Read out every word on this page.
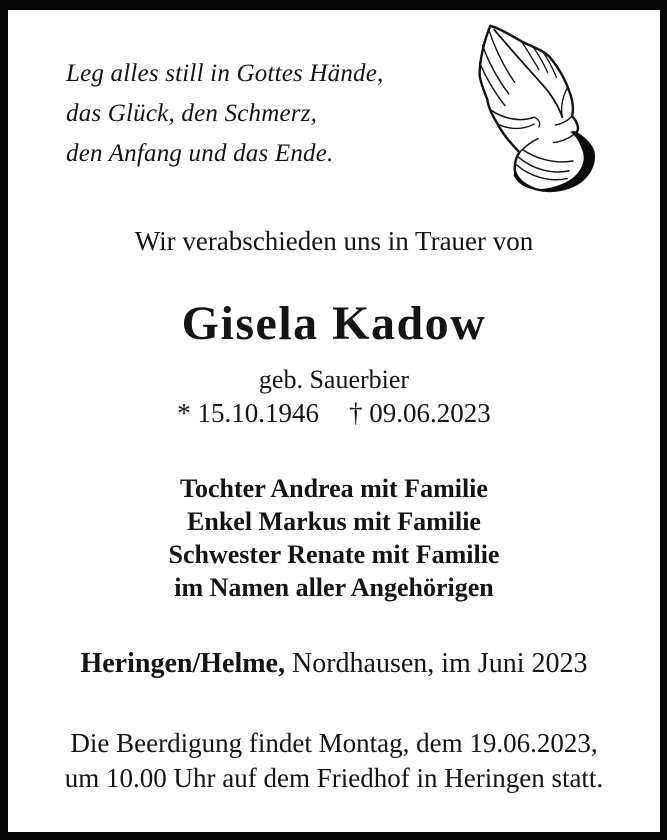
Leg alles still in Gottes Hände,
das Glück, den Schmerz,
den Anfang und das Ende.
Wir verabschieden uns in Trauer von
Gisela Kadow
geb. Sauerbier
* 15.10.1946 † 09.06.2023
Tochter Andrea mit Familie
Enkel Markus mit Familie
Schwester Renate mit Familie
im Namen aller Angehörigen
Heringen/Helme, Nordhausen, im Juni 2023
Die Beerdigung findet Montag, dem 19.06.2023,
um 10.00 Uhr auf dem Friedhof in Heringen statt.
